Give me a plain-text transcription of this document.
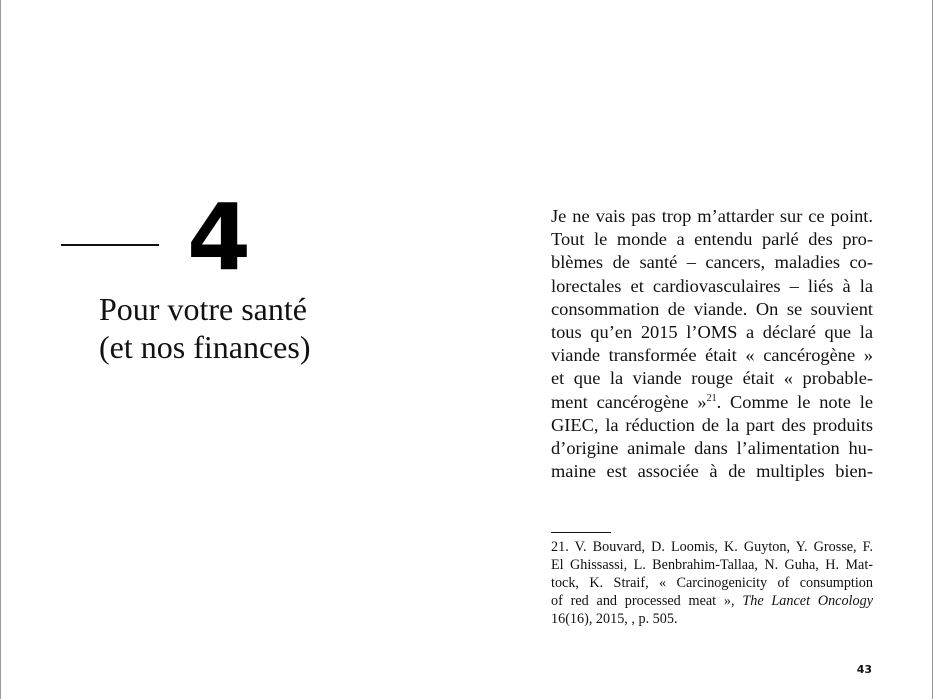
4
Pour votre santé
(et nos finances)
Je ne vais pas trop m’attarder sur ce point.
Tout le monde a entendu parlé des pro-
blèmes de santé – cancers, maladies co-
lorectales et cardiovasculaires – liés à la
consommation de viande. On se souvient
tous qu’en 2015 l’OMS a déclaré que la
viande transformée était « cancérogène »
et que la viande rouge était « probable-
ment cancérogène »$^{21}$. Comme le note le
GIEC, la réduction de la part des produits
d’origine animale dans l’alimentation hu-
maine est associée à de multiples bien-
21. V. Bouvard, D. Loomis, K. Guyton, Y. Grosse, F.
El Ghissassi, L. Benbrahim-Tallaa, N. Guha, H. Mat-
tock, K. Straif, « Carcinogenicity of consumption
of red and processed meat », The Lancet Oncology
16(16), 2015, , p. 505.
43
